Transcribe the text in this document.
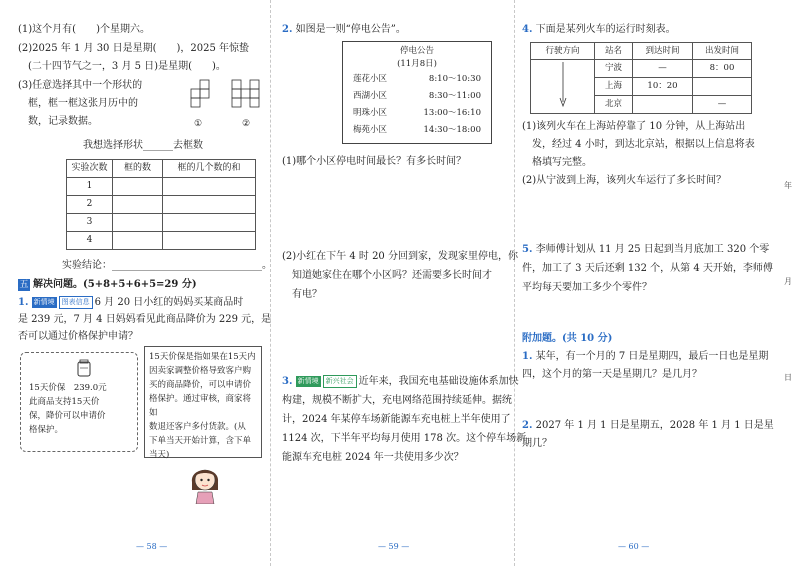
(1)这个月有(　　)个星期六。
(2)2025 年 1 月 30 日是星期(　　)，2025 年惊蛰
(二十四节气之一，3 月 5 日)是星期(　　)。
(3)任意选择其中一个形状的
框，框一框这张月历中的
数，记录数据。	①	②
我想选择形状______去框数
实验次数	框的数	框的几个数的和
1		
2		
3		
4		
实验结论：______________________________。
五 解决问题。(5+8+5+6+5=29 分)
1. 新情境 图表信息 6 月 20 日小红的妈妈买某商品时
是 239 元，7 月 4 日妈妈看见此商品降价为 229 元，是
否可以通过价格保护申请？
15天价保　239.0元
此商品支持15天价
保，降价可以申请价
格保护。
15天价保是指如果在15天内
因卖家调整价格导致客户购
买的商品降价，可以申请价
格保护。通过审核，商家将如
数退还客户多付货款。(从
下单当天开始计算，含下单
当天)
— 58 —
2. 如图是一则“停电公告”。
停电公告
(11月8日)
莲花小区	8:10～10:30
西湖小区	8:30～11:00
明珠小区	13:00～16:10
梅苑小区	14:30～18:00
(1)哪个小区停电时间最长？有多长时间？
(2)小红在下午 4 时 20 分回到家，发现家里停电，你
知道她家住在哪个小区吗？还需要多长时间才
有电？
3. 新情境 新兴社会 近年来，我国充电基础设施体系加快
构建，规模不断扩大，充电网络范围持续延伸。据统
计，2024 年某停车场新能源车充电桩上半年使用了
1124 次，下半年平均每月使用 178 次。这个停车场新
能源车充电桩 2024 年一共使用多少次？
— 59 —
4. 下面是某列火车的运行时刻表。
行驶方向	站名	到达时间	出发时间
	宁波	—	8：00
	上海	10：20	
	北京		—
(1)该列火车在上海站停靠了 10 分钟，从上海站出
发，经过 4 小时，到达北京站，根据以上信息将表
格填写完整。
(2)从宁波到上海，该列火车运行了多长时间？
5. 李师傅计划从 11 月 25 日起到当月底加工 320 个零
件，加工了 3 天后还剩 132 个，从第 4 天开始，李师傅
平均每天要加工多少个零件？
附加题。(共 10 分)
1. 某年，有一个月的 7 日是星期四，最后一日也是星期
四，这个月的第一天是星期几？是几月？
2. 2027 年 1 月 1 日是星期五，2028 年 1 月 1 日是星
期几？
— 60 —
年
月
日
